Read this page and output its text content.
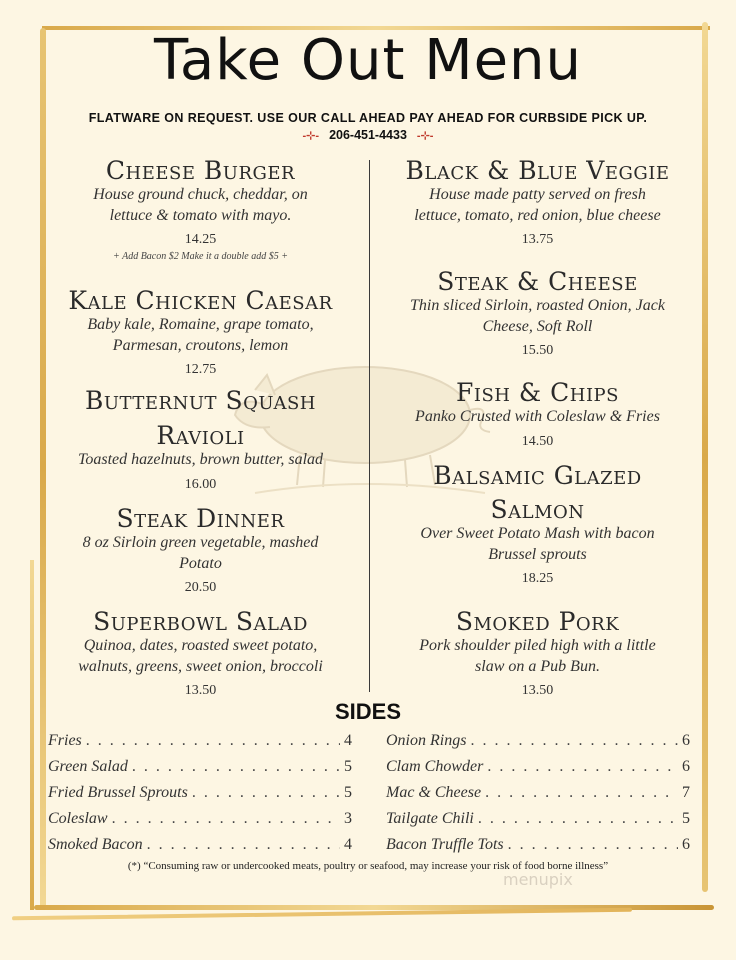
Take Out Menu
FLATWARE ON REQUEST. USE OUR CALL AHEAD PAY AHEAD FOR CURBSIDE PICK UP.
-⊹- 206-451-4433 -⊹-
Cheese Burger
House ground chuck, cheddar, on
lettuce & tomato with mayo.
14.25
+ Add Bacon $2 Make it a double add $5 +
Kale Chicken Caesar
Baby kale, Romaine, grape tomato,
Parmesan, croutons, lemon
12.75
Butternut Squash
Ravioli
Toasted hazelnuts, brown butter, salad
16.00
Steak Dinner
8 oz Sirloin green vegetable, mashed
Potato
20.50
Superbowl Salad
Quinoa, dates, roasted sweet potato,
walnuts, greens, sweet onion, broccoli
13.50
Black & Blue Veggie
House made patty served on fresh
lettuce, tomato, red onion, blue cheese
13.75
Steak & Cheese
Thin sliced Sirloin, roasted Onion, Jack
Cheese, Soft Roll
15.50
Fish & Chips
Panko Crusted with Coleslaw & Fries
14.50
Balsamic Glazed
Salmon
Over Sweet Potato Mash with bacon
Brussel sprouts
18.25
Smoked Pork
Pork shoulder piled high with a little
slaw on a Pub Bun.
13.50
SIDES
Fries . . .	4
Green Salad . . .	5
Fried Brussel Sprouts . . .	5
Coleslaw . . .	3
Smoked Bacon . . .	4
Onion Rings . . .	6
Clam Chowder . . .	6
Mac & Cheese . . .	7
Tailgate Chili . . .	5
Bacon Truffle Tots . . .	6
(*) “Consuming raw or undercooked meats, poultry or seafood, may increase your risk of food borne illness”
menupix
